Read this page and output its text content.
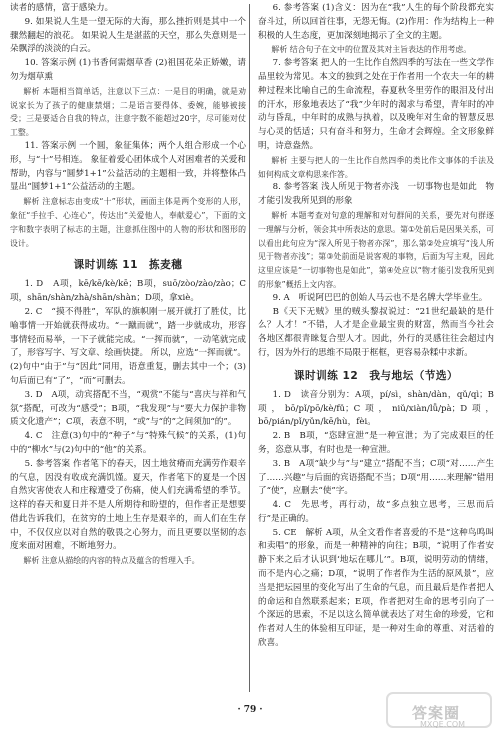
读者的感情，富于感染力。

9. 如果说人生是一望无际的大海，那么挫折则是其中一个骤然翻起的浪花。 如果说人生是湛蓝的天空，那么失意则是一朵飘浮的淡淡的白云。

10. 答案示例 (1)书香何需烟草香 (2)祖国花朵正娇嫩，请勿为烟草熏

解析 本题相当简单话，注意以下三点：一是目的明确，就是劝说家长为了孩子的健康禁烟；二是语言要得体、委婉，能够被接受；三是要适合自我的特点，注意字数不能超过20字，尽可能对仗工整。

11. 答案示例 一个圆，象征集体；两个人组合形成一个心形，与“十”号相连。 象征着爱心团体成个人对困难者的关爱和帮助，内容与“圆梦1+1”公益活动的主题相一致，并将整体凸显出“圆梦1+1”公益活动的主题。

解析 注意标志由变成“十”形状，画面主体是两个变形的人形，象征“手拉手、心连心”，传达出“关爱他人，奉献爱心”，下面的文字和数字表明了标志的主题，注意抓住图中的人物的形状和图形的设计。

课时训练 11　拣麦穗

1. D　A项，kē/kē/kè/kē；B项，suō/zòo/zào/zào；C项，shān/shàn/zhà/shān/shàn；D项，拿xiè。

2. C　“摸不得胜”，军队的旗帜刚一展开就打了胜仗，比喻事情一开始就获得成功。“一蹴而就”，踏一步就成功，形容事情轻而易举，一下子就能完成。“一挥而就”，一动笔就完成了，形容写字、写文章、绘画快捷。 所以，应选“一挥而就”。(2)句中“由于”与“因此”同用，语意重复，删去其中一个；(3)句后面已有“了”，“而”可删去。

3. D　A项，动宾搭配不当，“观赏”不能与“喜庆与祥和气氛”搭配，可改为“感受”；B项，“我发现”与“要大力保护非物质文化遗产”；C项，表意不明，“或”与“的”之间须加“的”。

4. C　注意(3)句中的“种子”与“特殊气候”的关系，(1)句中的“柳水”与(2)句中的“他”的关系。

5. 参考答案 作者笔下的春天，因土地贫瘠而充满劳作艰辛的气息，因没有收成充满饥馑。夏天，作者笔下的夏是一个因自然灾害使农人和庄稼遭受了伤痛，使人们充满希望的季节。这样的春天和夏日并不是人所期待和盼望的，但作者正是想要借此告诉我们，在贫穷的土地上生存是艰辛的，而人们在生存中，不仅仅应以对自然的敬畏之心努力，而且更要以坚韧的态度来面对困难，不断地努力。

解析 注意从描绘的内容的特点及蕴含的哲理入手。

6. 参考答案 (1)含义：因为在“我”人生的每个阶段都充实奋斗过，所以回首往事，无怨无悔。(2)作用：作为结构上一种积极的人生态度，更加深刻地揭示了全文的主题。

解析 结合句子在文中的位置及其对主旨表达的作用考虑。

7. 参考答案 把人的一生比作自然四季的写法在一些文学作品里较为常见。本文的独到之处在于作者用一个农夫一年的耕种过程来比喻自己的生命流程，春夏秋冬里劳作的眼泪及付出的汗水，形象地表达了“我”少年时的渴求与希望，青年时的冲动与昏乱，中年时的成熟与执着，以及晚年对生命的智慧反思与心灵的恬适；只有奋斗和努力，生命才会辉煌。全文形象鲜明，诗意盎然。

解析 主要与把人的一生比作自然四季的类比作文事体的手法及如何构成文章构思来作答。

8. 参考答案 浅人所见于物者亦浅　一切事物也是如此　物才能引发我所见到的形象

解析 本题考查对句意的理解和对句群间的关系，要先对句群逐一理解与分析，领会其中所表达的意思。第①处前后是因果关系，可以看出此句应为“深入所见于物者亦深”，那么第②处应填写“浅人所见于物者亦浅”；第③处前面是说客观的事物，后面为写主观，因此这里应该是“一切事物也是如此”，第④处应以“物才能引发我所见到的形象”概括上文内容。

9. A　听说阿巴巴的创始人马云也不是名牌大学毕业生。

B《天下无贼》里的贼头黎叔说过：“21世纪最缺的是什么？人才！”不错，人才是企业最宝贵的财富，然而当今社会各地区都很青睐复合型人才。因此，外行的灵感往往会超过内行，因为外行的思维不局限于框框，更容易杂糅中求新。

课时训练 12　我与地坛（节选）

1. D　读音分别为：A项，pí/sì，shàn/dàn，qǔ/qì；B项，bō/pǐ/pō/kè/fǔ；C项，niǔ/xiàn/lǚ/pà；D项，bō/pián/pǐ/yǔn/kē/hù，fèi。

2. B　B项，“恣肆宣泄”是一种宣泄；为了完成艰巨的任务，恣意从事，有时也是一种宣泄。

3. B　A项“缺少与”与“建立”搭配不当；C项“对……产生了……兴趣”与后面的宾语搭配不当；D项“用……来理解”错用了“使”，应删去“使”字。

4. C　先思考，再行动，故“多点独立思考，三思而后行”是正确的。

5. CE　解析 A项，从全文看作者喜爱的不是“这种鸟鸣叫和卖唱”的形象，而是一种精神的向往；B项，“说明了作者安静下来之后才认识到‘地坛在哪儿’”。B项，说明劳动的情绪，而不是内心之痛；D项，“说明了作者作为生活的原风景”，应当是把坛园里的变化写出了生命的气息，而且最后是作者把人的命运和自然联系起来；E项，作者把对生命的思考引向了一个深远的思索，不足以这么简单就表达了对生命的珍爱，它和作者对人生的体验相互印证，是一种对生命的尊重、对活着的欣喜。

· 79 ·	答案圈
MXQE.COM
